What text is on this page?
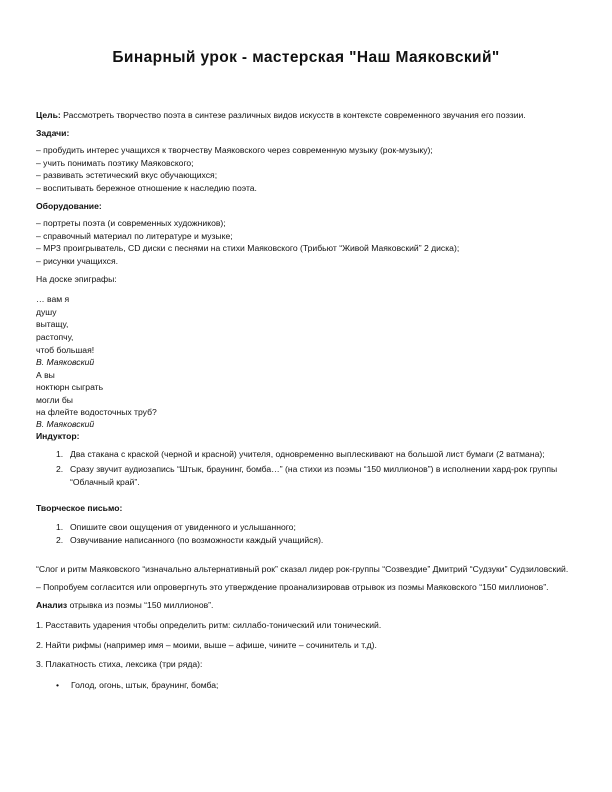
Бинарный урок - мастерская "Наш Маяковский"

Цель: Рассмотреть творчество поэта в синтезе различных видов искусств в контексте современного звучания его поэзии.

Задачи:

– пробудить интерес учащихся к творчеству Маяковского через современную музыку (рок-музыку);

– учить понимать поэтику Маяковского;

– развивать эстетический вкус обучающихся;

– воспитывать бережное отношение к наследию поэта.

Оборудование:

– портреты поэта (и современных художников);

– справочный материал по литературе и музыке;

– MP3 проигрыватель, CD диски с песнями на стихи Маяковского (Трибьют “Живой Маяковский” 2 диска);

– рисунки учащихся.

На доске эпиграфы:

… вам я

душу

вытащу,

растопчу,

чтоб большая!

В. Маяковский

А вы

ноктюрн сыграть

могли бы

на флейте водосточных труб?

В. Маяковский

Индуктор:

1. Два стакана с краской (черной и красной) учителя, одновременно выплескивают на большой лист бумаги (2 ватмана);
2. Сразу звучит аудиозапись “Штык, браунинг, бомба…” (на стихи из поэмы “150 миллионов”) в исполнении хард-рок группы “Облачный край”.

Творческое письмо:

1. Опишите свои ощущения от увиденного и услышанного;
2. Озвучивание написанного (по возможности каждый учащийся).

“Слог и ритм Маяковского “изначально альтернативный рок” сказал лидер рок-группы “Созвездие” Дмитрий “Судзуки” Судзиловский.

– Попробуем согласится или опровергнуть это утверждение проанализировав отрывок из поэмы Маяковского “150 миллионов”.

Анализ отрывка из поэмы “150 миллионов”.

1. Расставить ударения чтобы определить ритм: силлабо-тонический или тонический.

2. Найти рифмы (например имя – моими, выше – афише, чините – сочинитель и т.д).

3. Плакатность стиха, лексика (три ряда):

• Голод, огонь, штык, браунинг, бомба;
